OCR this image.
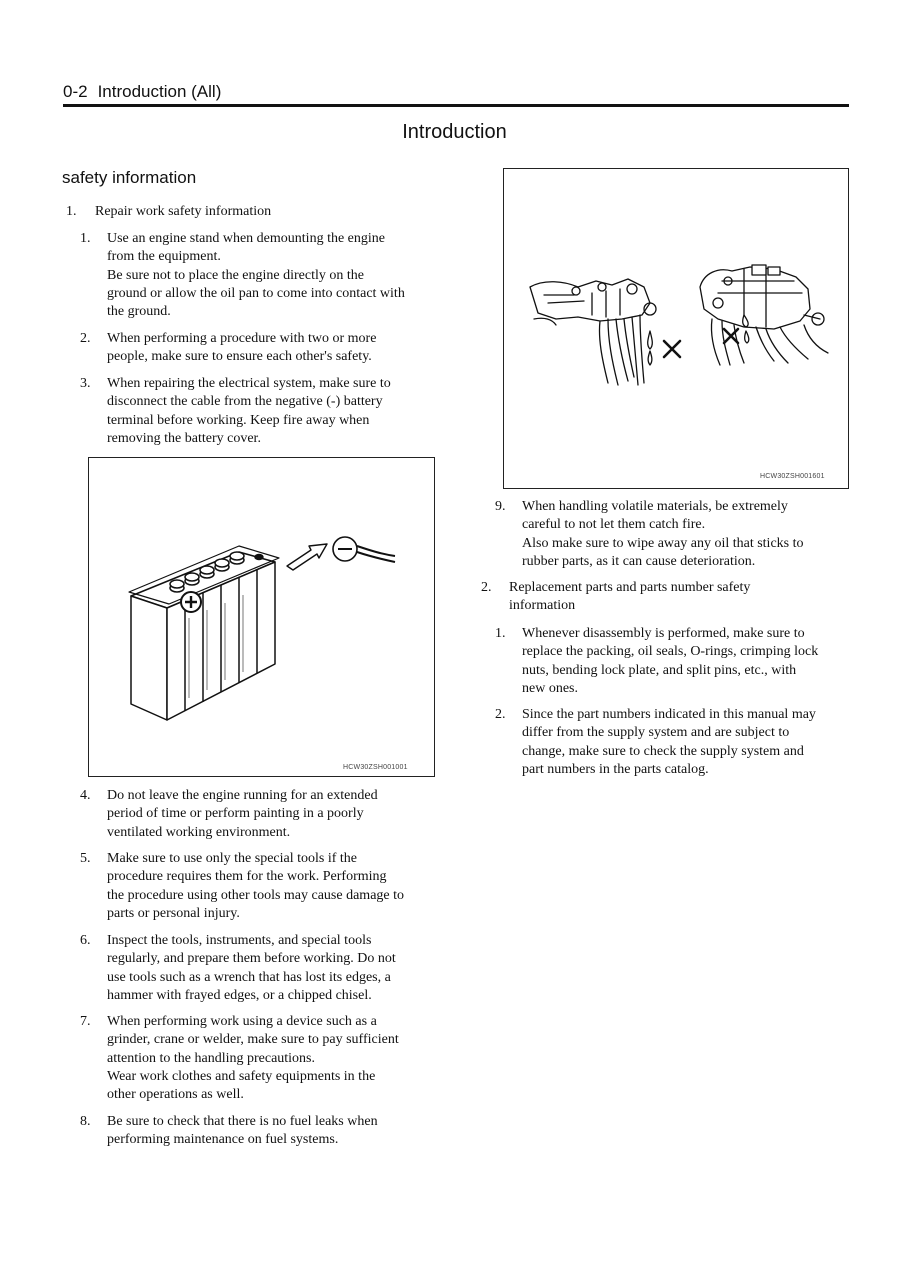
0-2 Introduction (All)
Introduction
safety information
1. Repair work safety information
1. Use an engine stand when demounting the engine
from the equipment.
Be sure not to place the engine directly on the
ground or allow the oil pan to come into contact with
the ground.
2. When performing a procedure with two or more
people, make sure to ensure each other's safety.
3. When repairing the electrical system, make sure to
disconnect the cable from the negative (-) battery
terminal before working. Keep fire away when
removing the battery cover.
HCW30ZSH001001
4. Do not leave the engine running for an extended
period of time or perform painting in a poorly
ventilated working environment.
5. Make sure to use only the special tools if the
procedure requires them for the work. Performing
the procedure using other tools may cause damage to
parts or personal injury.
6. Inspect the tools, instruments, and special tools
regularly, and prepare them before working. Do not
use tools such as a wrench that has lost its edges, a
hammer with frayed edges, or a chipped chisel.
7. When performing work using a device such as a
grinder, crane or welder, make sure to pay sufficient
attention to the handling precautions.
Wear work clothes and safety equipments in the
other operations as well.
8. Be sure to check that there is no fuel leaks when
performing maintenance on fuel systems.
HCW30ZSH001601
9. When handling volatile materials, be extremely
careful to not let them catch fire.
Also make sure to wipe away any oil that sticks to
rubber parts, as it can cause deterioration.
2. Replacement parts and parts number safety
information
1. Whenever disassembly is performed, make sure to
replace the packing, oil seals, O-rings, crimping lock
nuts, bending lock plate, and split pins, etc., with
new ones.
2. Since the part numbers indicated in this manual may
differ from the supply system and are subject to
change, make sure to check the supply system and
part numbers in the parts catalog.
